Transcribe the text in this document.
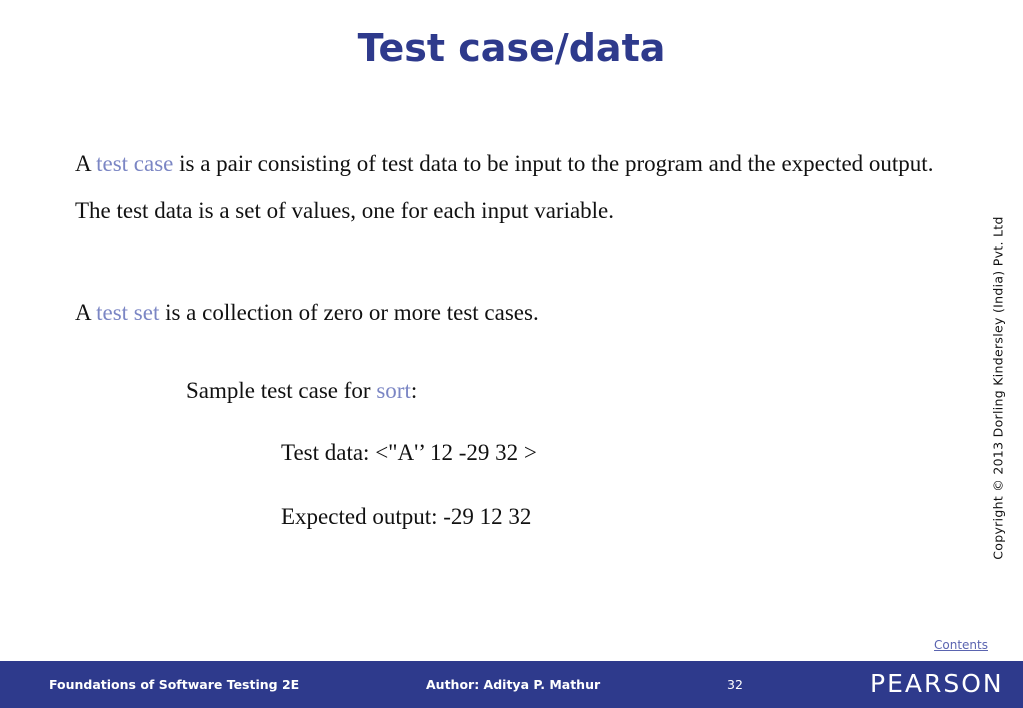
Test case/data
A test case is a pair consisting of test data to be input to the program and the expected output. The test data is a set of values, one for each input variable.
A test set is a collection of zero or more test cases.
Sample test case for sort:
Test data: <"A'’ 12 -29 32 >
Expected output: -29 12 32	Copyright © 2013 Dorling Kindersley (India) Pvt. Ltd
Contents
Foundations of Software Testing 2E	Author: Aditya P. Mathur	32	PEARSON
